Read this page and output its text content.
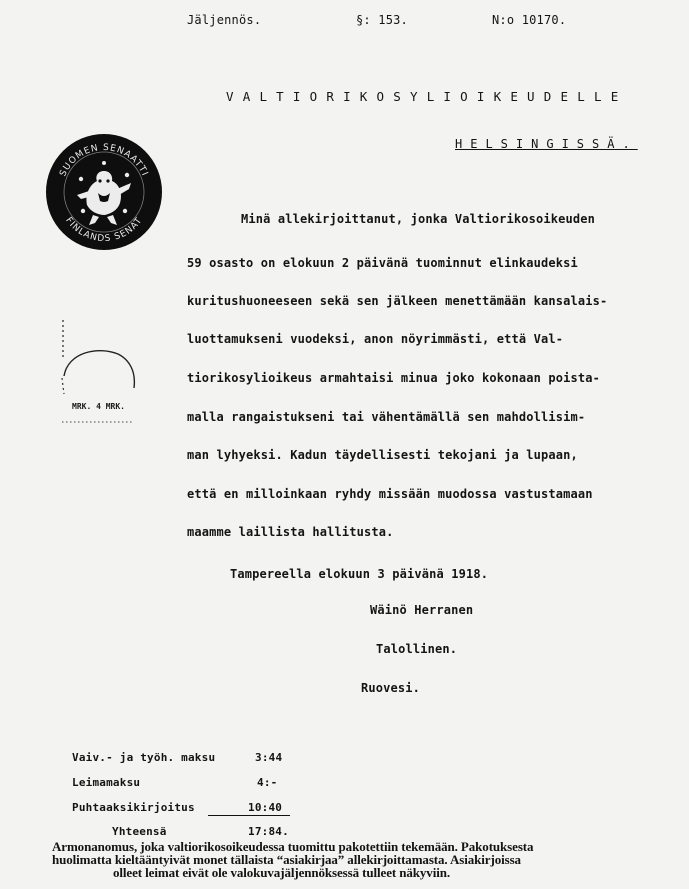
Jäljennös.	§: 153.	N:o 10170.
VALTIORIKOSYLIOIKEUDELLE
HELSINGISSÄ.
SUOMEN SENAATTI
FINLANDS SENAT
MRK. 4 MRK.
Minä allekirjoittanut, jonka Valtiorikosoikeuden
59 osasto on elokuun 2 päivänä tuominnut elinkaudeksi
kuritushuoneeseen sekä sen jälkeen menettämään kansalais-
luottamukseni vuodeksi, anon nöyrimmästi, että Val-
tiorikosylioikeus armahtaisi minua joko kokonaan poista-
malla rangaistukseni tai vähentämällä sen mahdollisim-
man lyhyeksi. Kadun täydellisesti tekojani ja lupaan,
että en milloinkaan ryhdy missään muodossa vastustamaan
maamme laillista hallitusta.
Tampereella elokuun 3 päivänä 1918.
Wäinö Herranen
Talollinen.
Ruovesi.
Vaiv.- ja työh. maksu	3:44
Leimamaksu	4:-
Puhtaaksikirjoitus	10:40
Yhteensä	17:84.
Armonanomus, joka valtiorikosoikeudessa tuomittu pakotettiin tekemään. Pakotuksesta
huolimatta kieltääntyivät monet tällaista “asiakirjaa” allekirjoittamasta. Asiakirjoissa
olleet leimat eivät ole valokuvajäljennöksessä tulleet näkyviin.
